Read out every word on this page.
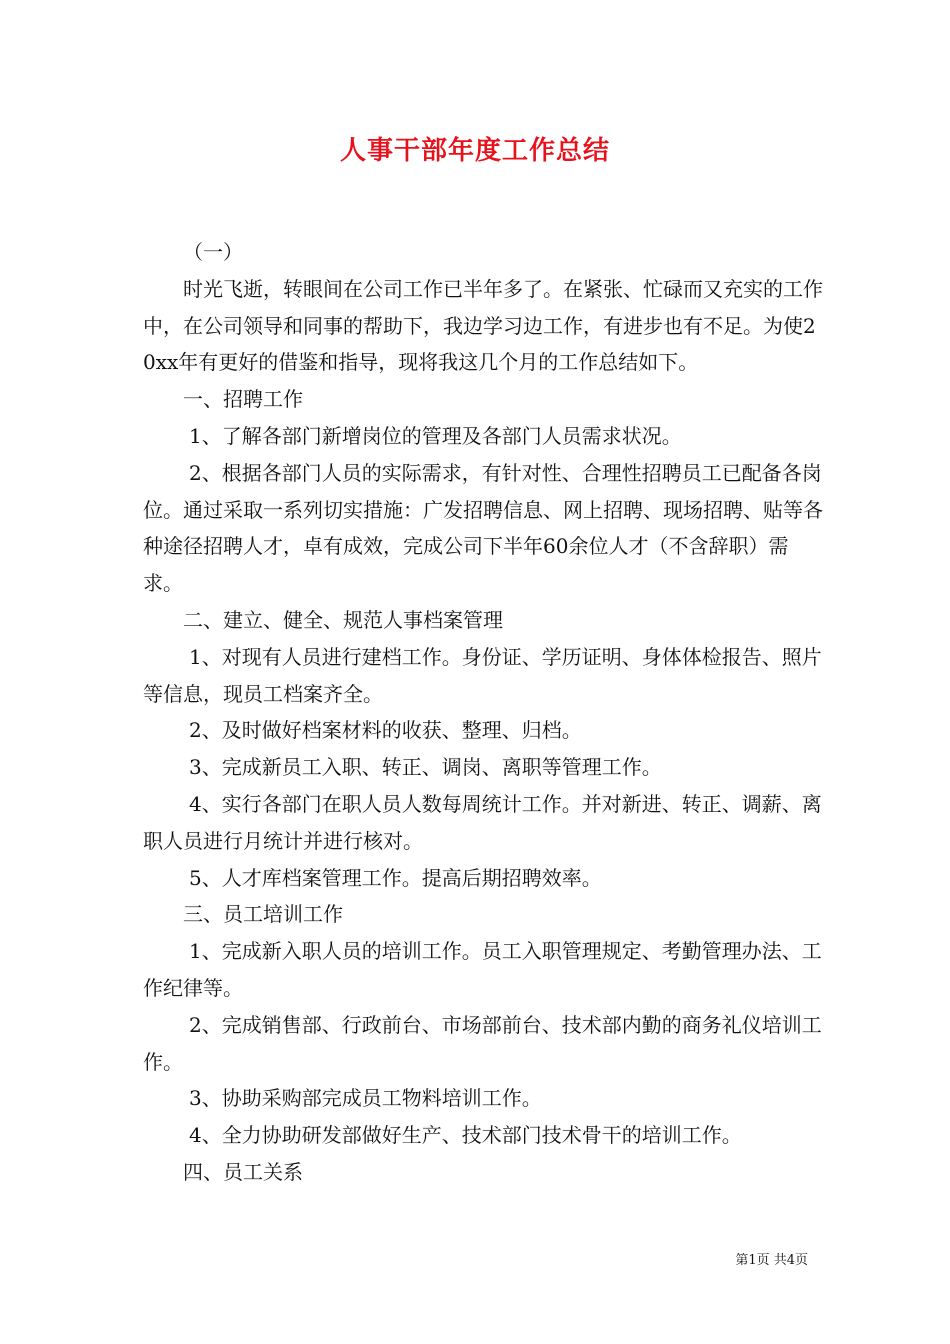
人事干部年度工作总结

（一）

时光飞逝，转眼间在公司工作已半年多了。在紧张、忙碌而又充实的工作中，在公司领导和同事的帮助下，我边学习边工作，有进步也有不足。为使20xx年有更好的借鉴和指导，现将我这几个月的工作总结如下。

一、招聘工作

1、了解各部门新增岗位的管理及各部门人员需求状况。

2、根据各部门人员的实际需求，有针对性、合理性招聘员工已配备各岗位。通过采取一系列切实措施：广发招聘信息、网上招聘、现场招聘、贴等各种途径招聘人才，卓有成效，完成公司下半年60余位人才（不含辞职）需求。

二、建立、健全、规范人事档案管理

1、对现有人员进行建档工作。身份证、学历证明、身体体检报告、照片等信息，现员工档案齐全。

2、及时做好档案材料的收获、整理、归档。

3、完成新员工入职、转正、调岗、离职等管理工作。

4、实行各部门在职人员人数每周统计工作。并对新进、转正、调薪、离职人员进行月统计并进行核对。

5、人才库档案管理工作。提高后期招聘效率。

三、员工培训工作

1、完成新入职人员的培训工作。员工入职管理规定、考勤管理办法、工作纪律等。

2、完成销售部、行政前台、市场部前台、技术部内勤的商务礼仪培训工作。

3、协助采购部完成员工物料培训工作。

4、全力协助研发部做好生产、技术部门技术骨干的培训工作。

四、员工关系

第1页 共4页
